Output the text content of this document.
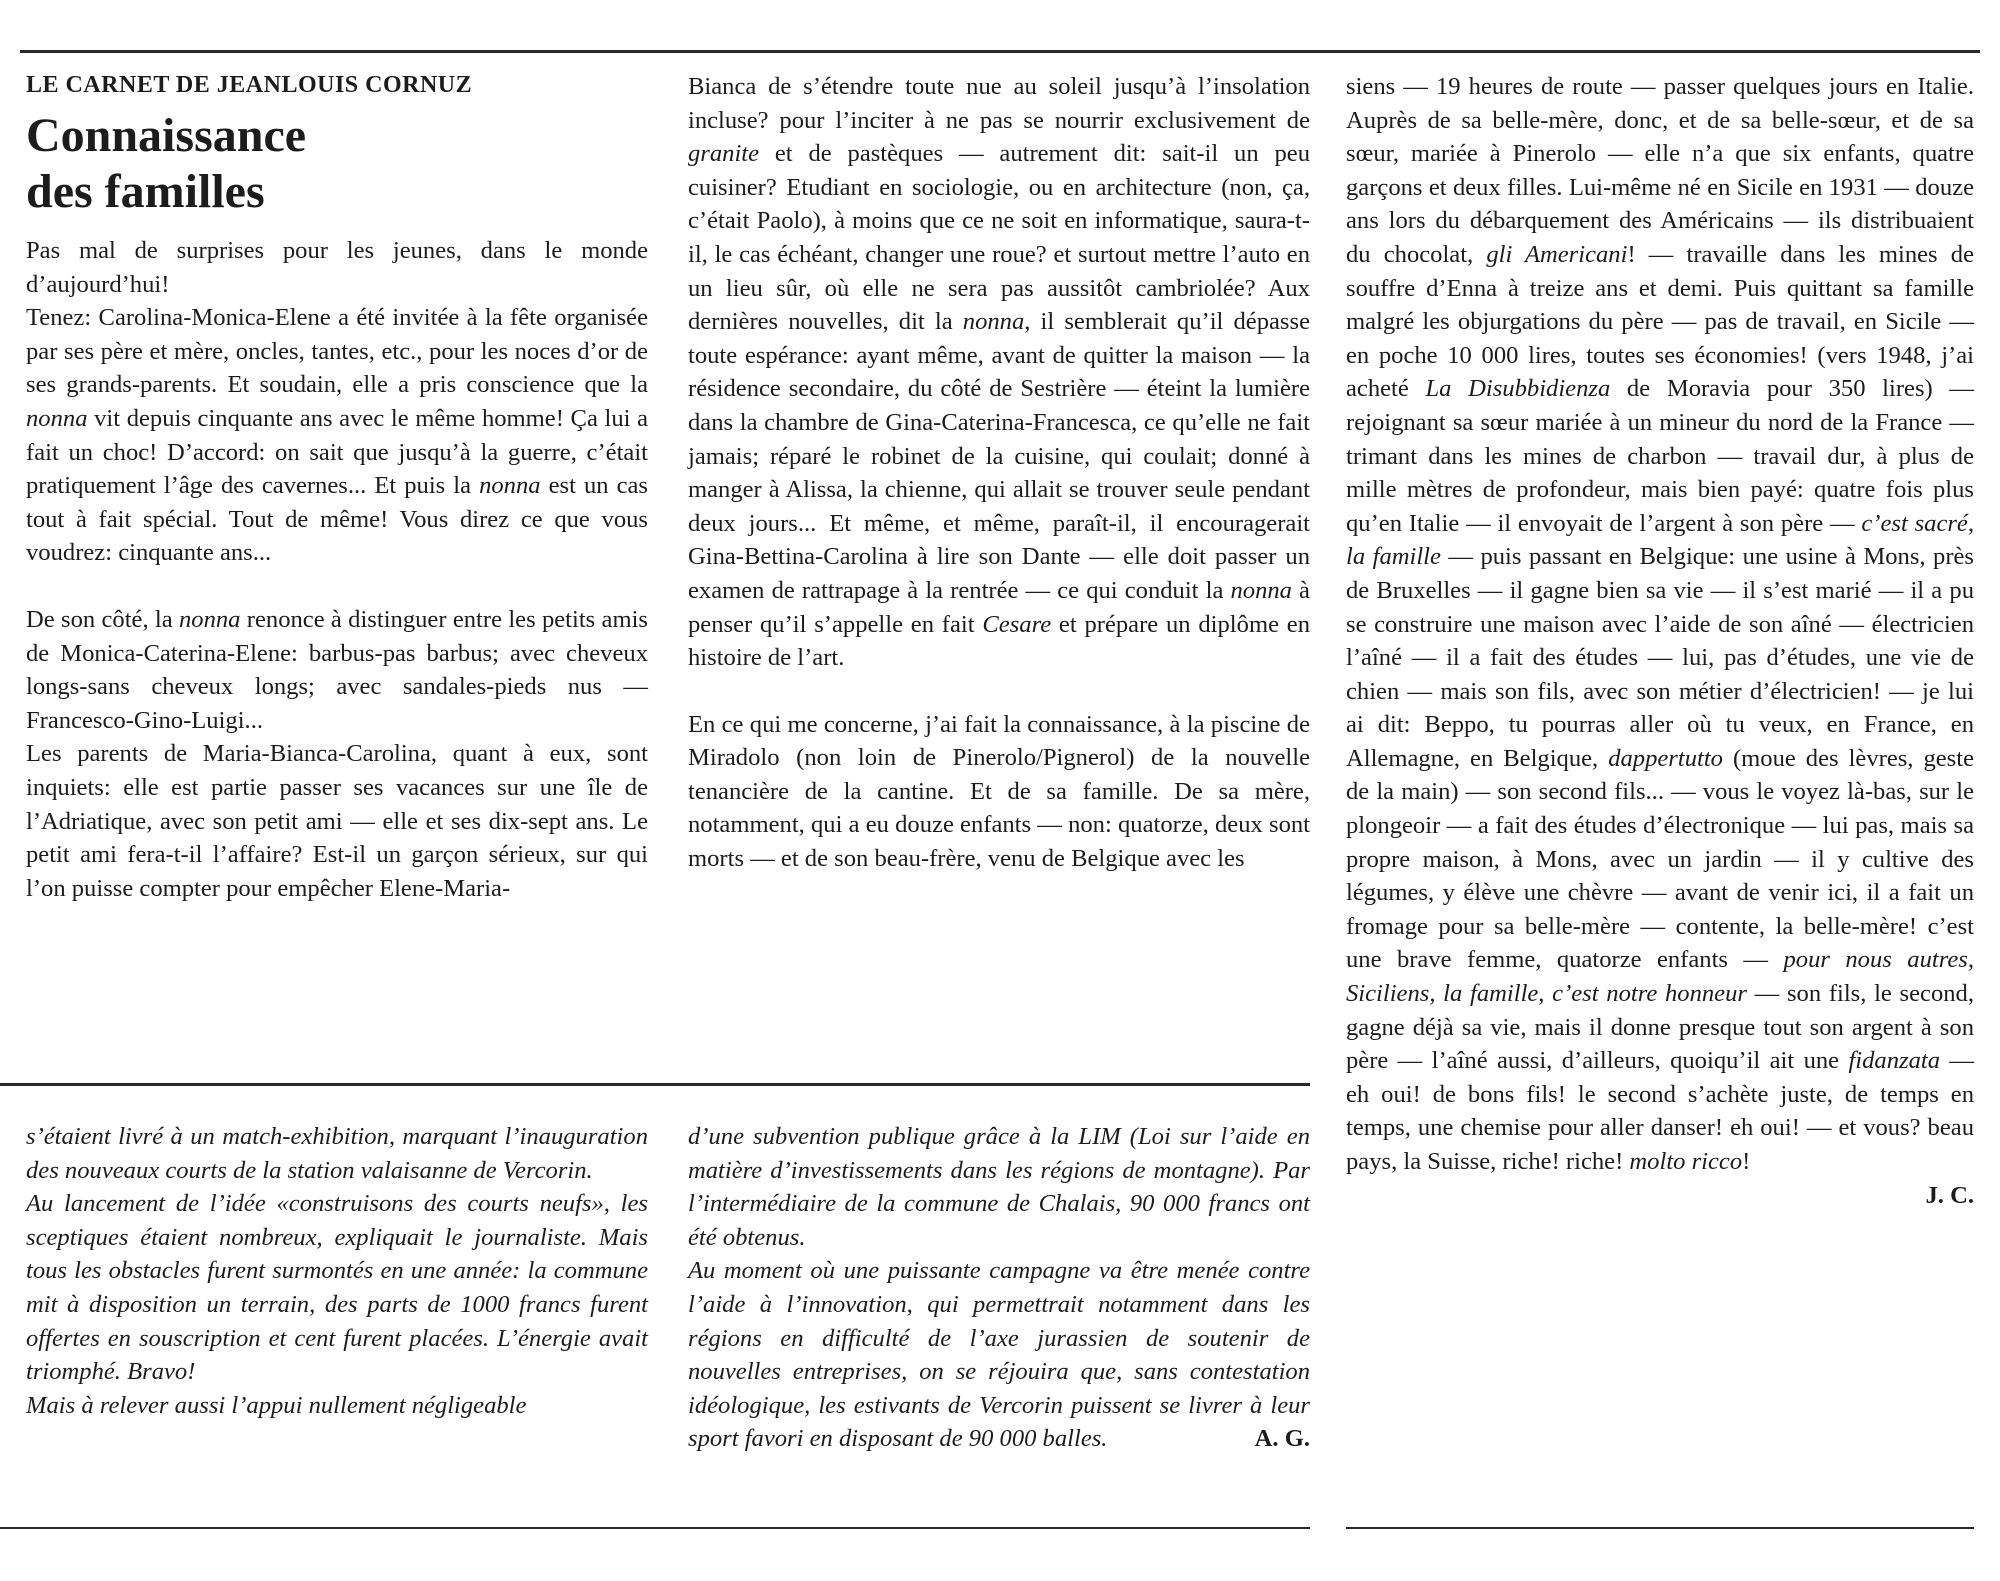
LE CARNET DE JEANLOUIS CORNUZ

Connaissance
des familles

Pas mal de surprises pour les jeunes, dans le monde d’aujourd’hui!

Tenez: Carolina-Monica-Elene a été invitée à la fête organisée par ses père et mère, oncles, tantes, etc., pour les noces d’or de ses grands-parents. Et soudain, elle a pris conscience que la nonna vit depuis cinquante ans avec le même homme! Ça lui a fait un choc! D’accord: on sait que jusqu’à la guerre, c’était pratiquement l’âge des cavernes... Et puis la nonna est un cas tout à fait spécial. Tout de même! Vous direz ce que vous voudrez: cinquante ans...

De son côté, la nonna renonce à distinguer entre les petits amis de Monica-Caterina-Elene: barbus-pas barbus; avec cheveux longs-sans cheveux longs; avec sandales-pieds nus — Francesco-Gino-Luigi...

Les parents de Maria-Bianca-Carolina, quant à eux, sont inquiets: elle est partie passer ses vacances sur une île de l’Adriatique, avec son petit ami — elle et ses dix-sept ans. Le petit ami fera-t-il l’affaire? Est-il un garçon sérieux, sur qui l’on puisse compter pour empêcher Elene-Maria-

Bianca de s’étendre toute nue au soleil jusqu’à l’insolation incluse? pour l’inciter à ne pas se nourrir exclusivement de granite et de pastèques — autrement dit: sait-il un peu cuisiner? Etudiant en sociologie, ou en architecture (non, ça, c’était Paolo), à moins que ce ne soit en informatique, saura-t-il, le cas échéant, changer une roue? et surtout mettre l’auto en un lieu sûr, où elle ne sera pas aussitôt cambriolée? Aux dernières nouvelles, dit la nonna, il semblerait qu’il dépasse toute espérance: ayant même, avant de quitter la maison — la résidence secondaire, du côté de Sestrière — éteint la lumière dans la chambre de Gina-Caterina-Francesca, ce qu’elle ne fait jamais; réparé le robinet de la cuisine, qui coulait; donné à manger à Alissa, la chienne, qui allait se trouver seule pendant deux jours... Et même, et même, paraît-il, il encouragerait Gina-Bettina-Carolina à lire son Dante — elle doit passer un examen de rattrapage à la rentrée — ce qui conduit la nonna à penser qu’il s’appelle en fait Cesare et prépare un diplôme en histoire de l’art.

En ce qui me concerne, j’ai fait la connaissance, à la piscine de Miradolo (non loin de Pinerolo/Pignerol) de la nouvelle tenancière de la cantine. Et de sa famille. De sa mère, notamment, qui a eu douze enfants — non: quatorze, deux sont morts — et de son beau-frère, venu de Belgique avec les

siens — 19 heures de route — passer quelques jours en Italie. Auprès de sa belle-mère, donc, et de sa belle-sœur, et de sa sœur, mariée à Pinerolo — elle n’a que six enfants, quatre garçons et deux filles. Lui-même né en Sicile en 1931 — douze ans lors du débarquement des Américains — ils distribuaient du chocolat, gli Americani! — travaille dans les mines de souffre d’Enna à treize ans et demi. Puis quittant sa famille malgré les objurgations du père — pas de travail, en Sicile — en poche 10 000 lires, toutes ses économies! (vers 1948, j’ai acheté La Disubbidienza de Moravia pour 350 lires) — rejoignant sa sœur mariée à un mineur du nord de la France — trimant dans les mines de charbon — travail dur, à plus de mille mètres de profondeur, mais bien payé: quatre fois plus qu’en Italie — il envoyait de l’argent à son père — c’est sacré, la famille — puis passant en Belgique: une usine à Mons, près de Bruxelles — il gagne bien sa vie — il s’est marié — il a pu se construire une maison avec l’aide de son aîné — électricien l’aîné — il a fait des études — lui, pas d’études, une vie de chien — mais son fils, avec son métier d’électricien! — je lui ai dit: Beppo, tu pourras aller où tu veux, en France, en Allemagne, en Belgique, dappertutto (moue des lèvres, geste de la main) — son second fils... — vous le voyez là-bas, sur le plongeoir — a fait des études d’électronique — lui pas, mais sa propre maison, à Mons, avec un jardin — il y cultive des légumes, y élève une chèvre — avant de venir ici, il a fait un fromage pour sa belle-mère — contente, la belle-mère! c’est une brave femme, quatorze enfants — pour nous autres, Siciliens, la famille, c’est notre honneur — son fils, le second, gagne déjà sa vie, mais il donne presque tout son argent à son père — l’aîné aussi, d’ailleurs, quoiqu’il ait une fidanzata — eh oui! de bons fils! le second s’achète juste, de temps en temps, une chemise pour aller danser! eh oui! — et vous? beau pays, la Suisse, riche! riche! molto ricco!

J. C.

s’étaient livré à un match-exhibition, marquant l’inauguration des nouveaux courts de la station valaisanne de Vercorin.

Au lancement de l’idée «construisons des courts neufs», les sceptiques étaient nombreux, expliquait le journaliste. Mais tous les obstacles furent surmontés en une année: la commune mit à disposition un terrain, des parts de 1000 francs furent offertes en souscription et cent furent placées. L’énergie avait triomphé. Bravo!

Mais à relever aussi l’appui nullement négligeable

d’une subvention publique grâce à la LIM (Loi sur l’aide en matière d’investissements dans les régions de montagne). Par l’intermédiaire de la commune de Chalais, 90 000 francs ont été obtenus.

Au moment où une puissante campagne va être menée contre l’aide à l’innovation, qui permettrait notamment dans les régions en difficulté de l’axe jurassien de soutenir de nouvelles entreprises, on se réjouira que, sans contestation idéologique, les estivants de Vercorin puissent se livrer à leur sport favori en disposant de 90 000 balles.	A. G.
